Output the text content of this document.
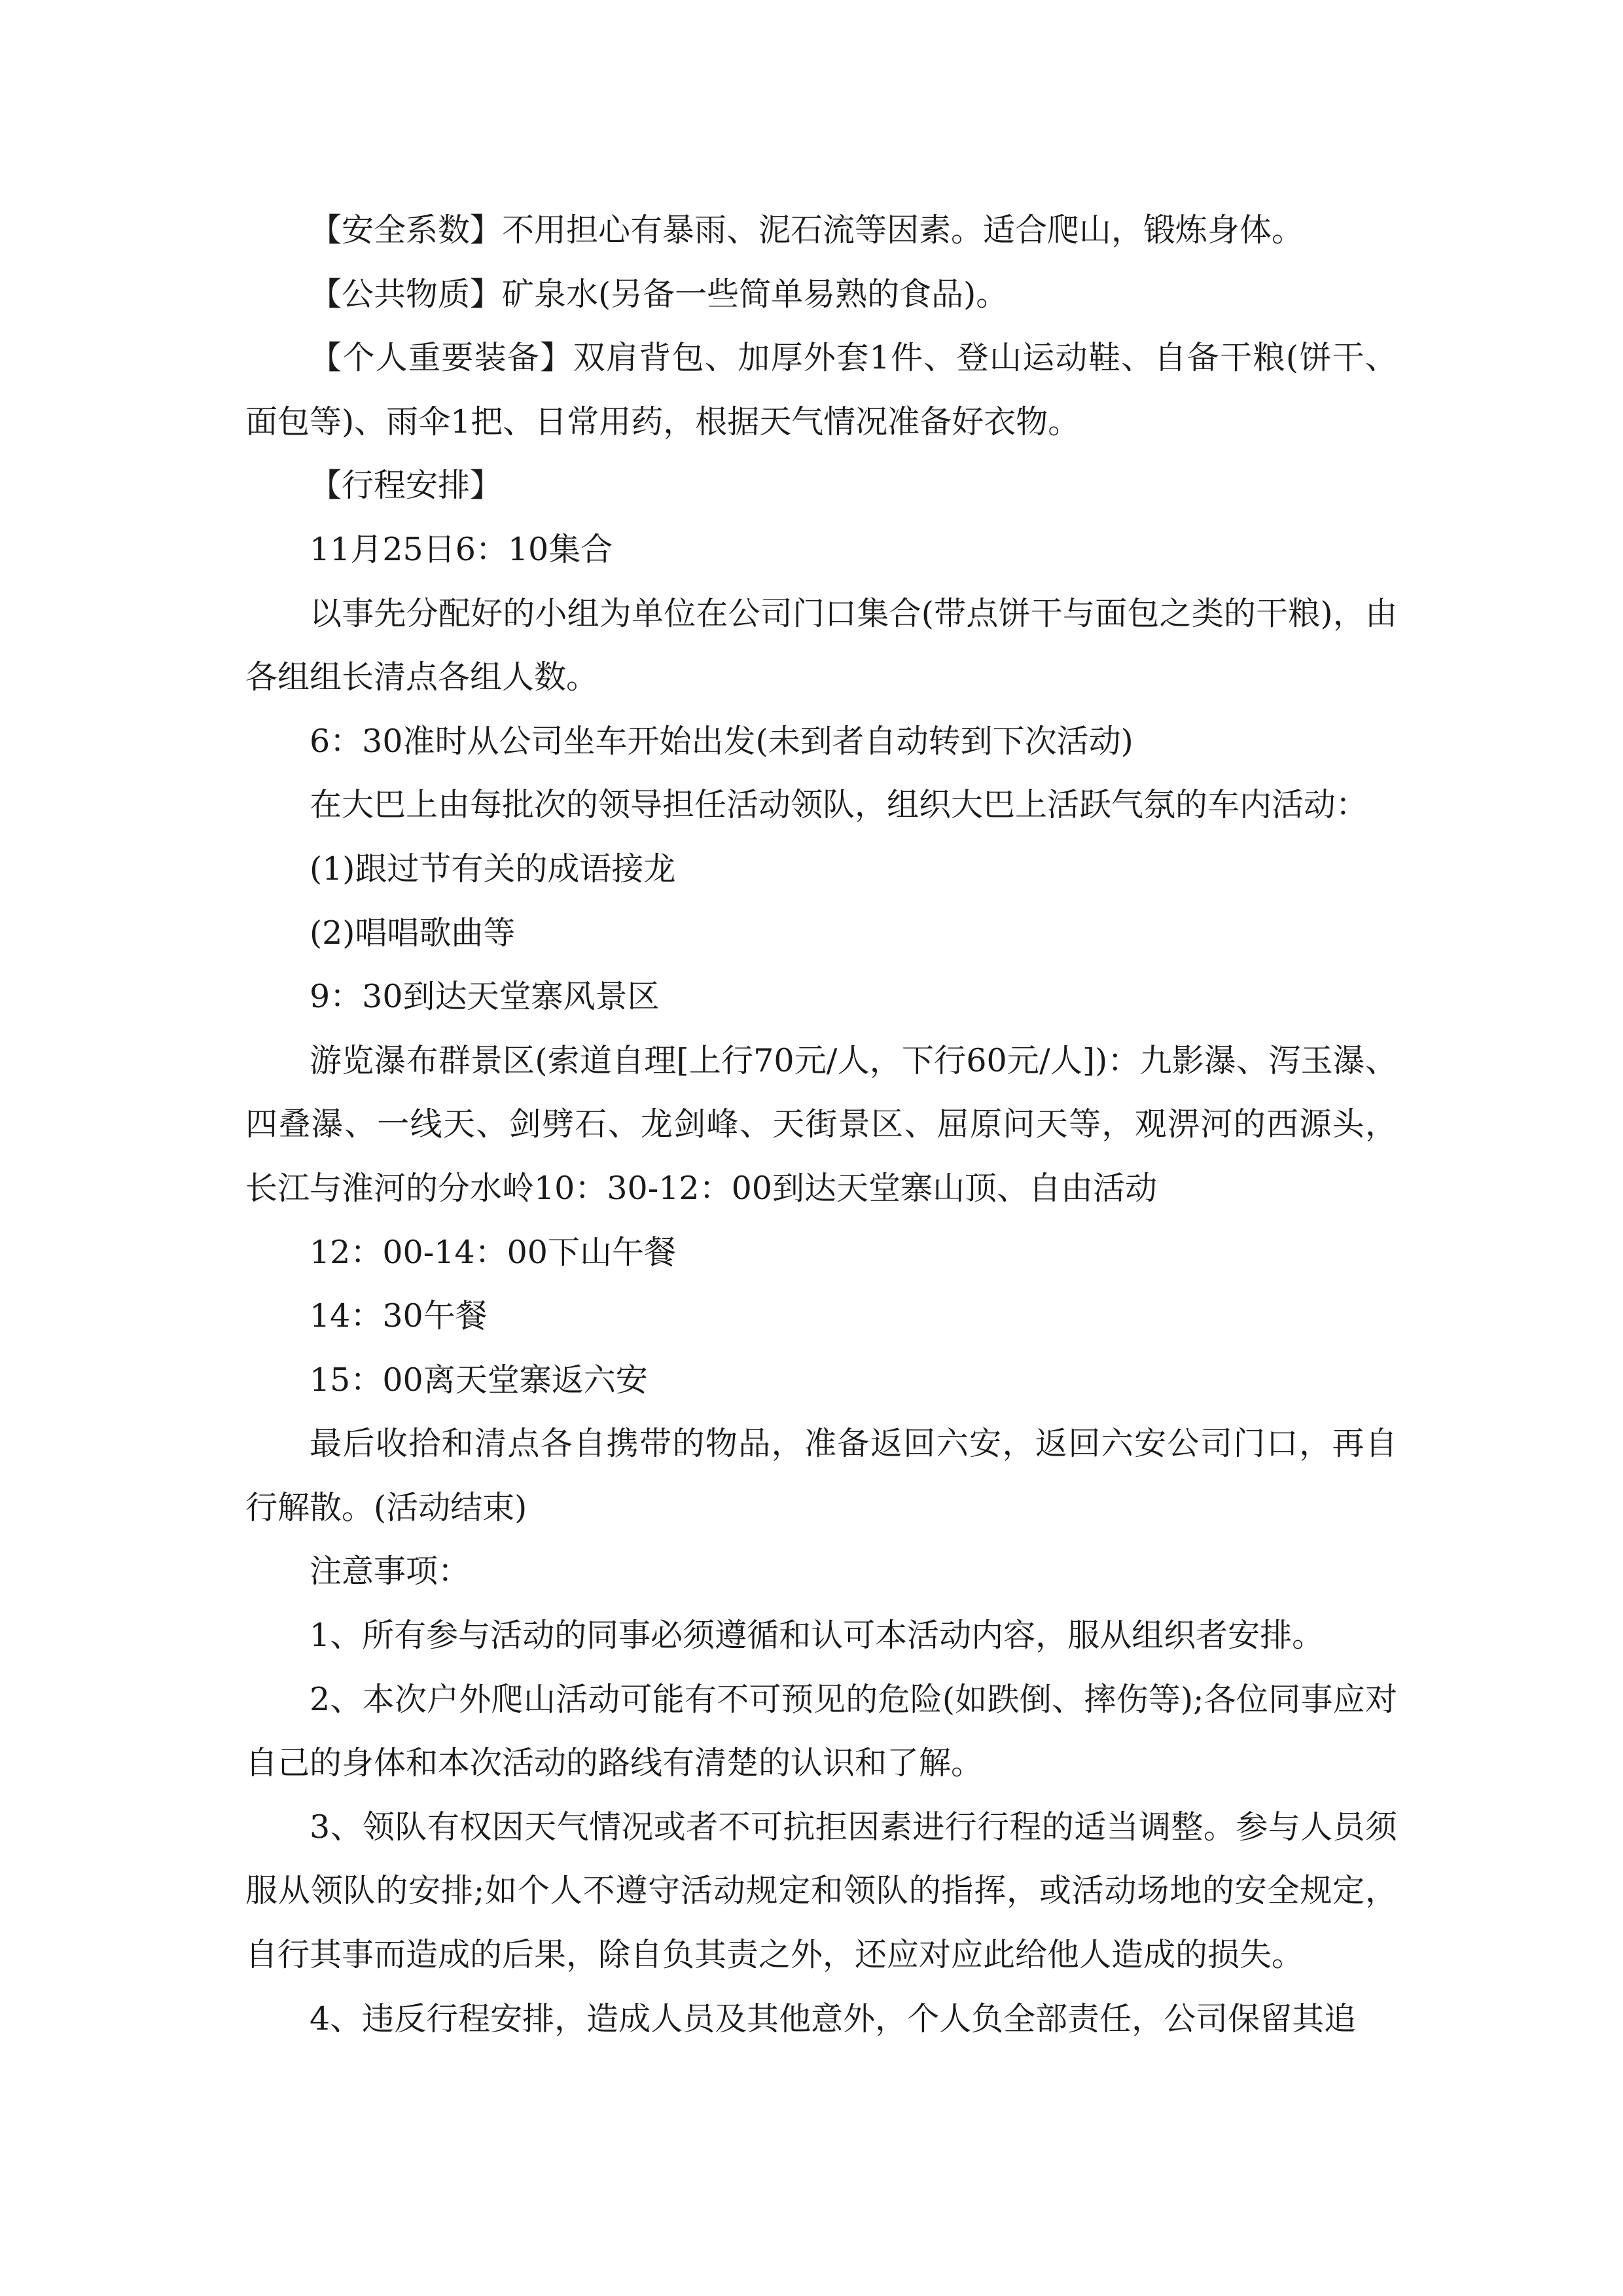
【安全系数】不用担心有暴雨、泥石流等因素。适合爬山，锻炼身体。

【公共物质】矿泉水(另备一些简单易熟的食品)。

【个人重要装备】双肩背包、加厚外套1件、登山运动鞋、自备干粮(饼干、面包等)、雨伞1把、日常用药，根据天气情况准备好衣物。

【行程安排】

11月25日6：10集合

以事先分配好的小组为单位在公司门口集合(带点饼干与面包之类的干粮)，由各组组长清点各组人数。

6：30准时从公司坐车开始出发(未到者自动转到下次活动)

在大巴上由每批次的领导担任活动领队，组织大巴上活跃气氛的车内活动：

(1)跟过节有关的成语接龙

(2)唱唱歌曲等

9：30到达天堂寨风景区

游览瀑布群景区(索道自理[上行70元/人，下行60元/人])：九影瀑、泻玉瀑、四叠瀑、一线天、剑劈石、龙剑峰、天街景区、屈原问天等，观淠河的西源头，长江与淮河的分水岭10：30-12：00到达天堂寨山顶、自由活动

12：00-14：00下山午餐

14：30午餐

15：00离天堂寨返六安

最后收拾和清点各自携带的物品，准备返回六安，返回六安公司门口，再自行解散。(活动结束)

注意事项：

1、所有参与活动的同事必须遵循和认可本活动内容，服从组织者安排。

2、本次户外爬山活动可能有不可预见的危险(如跌倒、摔伤等);各位同事应对自己的身体和本次活动的路线有清楚的认识和了解。

3、领队有权因天气情况或者不可抗拒因素进行行程的适当调整。参与人员须服从领队的安排;如个人不遵守活动规定和领队的指挥，或活动场地的安全规定，自行其事而造成的后果，除自负其责之外，还应对应此给他人造成的损失。

4、违反行程安排，造成人员及其他意外，个人负全部责任，公司保留其追
